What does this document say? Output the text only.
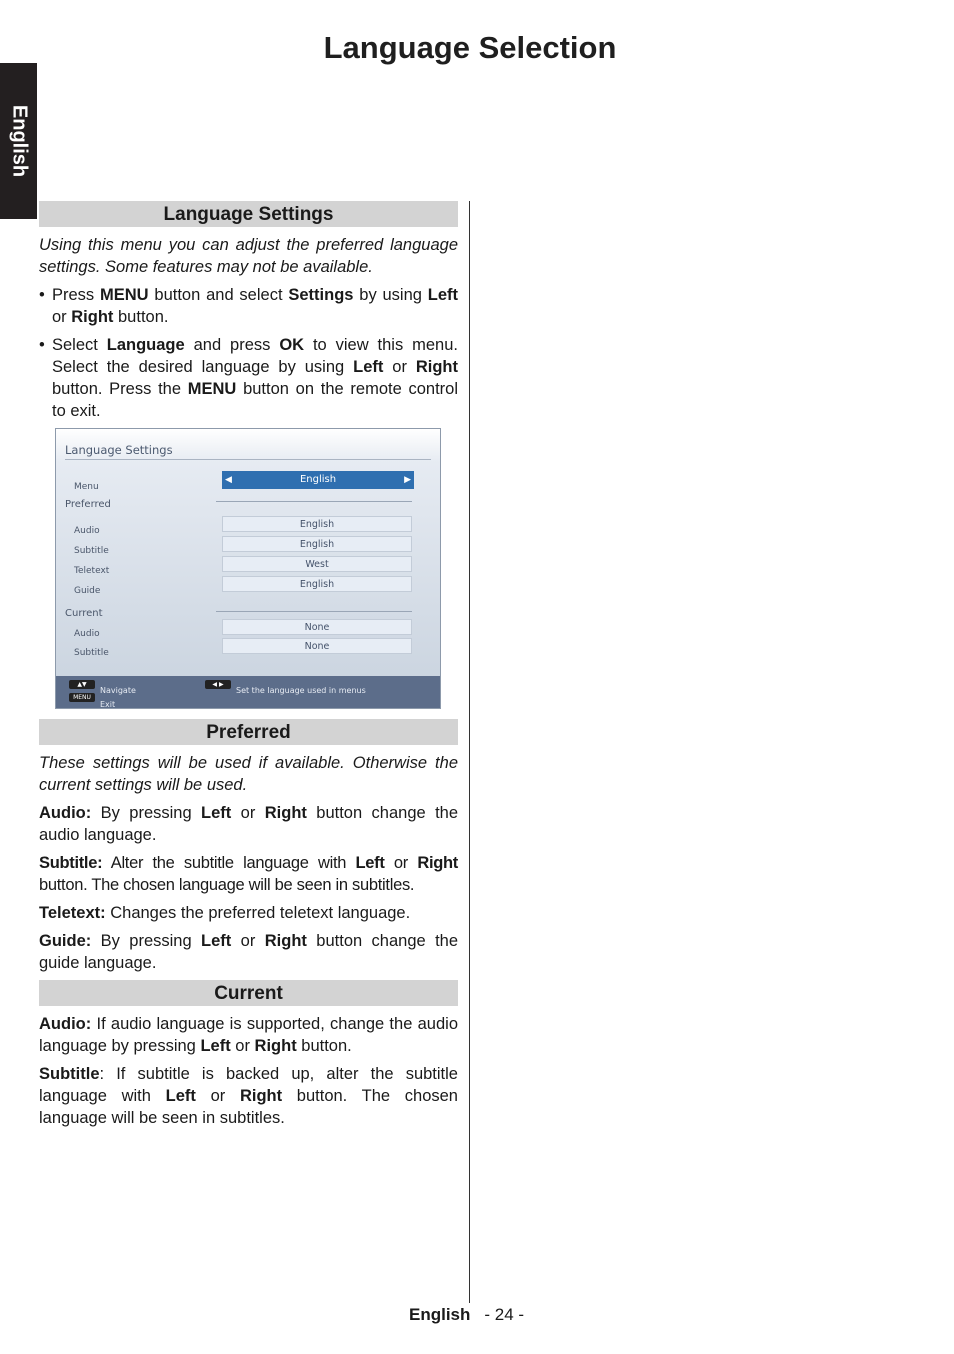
Language Selection
English
Language Settings

Using this menu you can adjust the preferred language settings. Some features may not be available.

• Press MENU button and select Settings by using Left or Right button.
• Select Language and press OK to view this menu. Select the desired language by using Left or Right button. Press the MENU button on the remote control to exit.
Language Settings
Menu
◀	English	▶
Preferred
Audio
English
Subtitle
English
Teletext
West
Guide
English
Current
Audio
None
Subtitle
None
▲▼
Navigate
MENU
Exit
◀ ▶
Set the language used in menus
Preferred

These settings will be used if available. Otherwise the current settings will be used.

Audio: By pressing Left or Right button change the audio language.

Subtitle: Alter the subtitle language with Left or Right button. The chosen language will be seen in subtitles.

Teletext: Changes the preferred teletext language.

Guide: By pressing Left or Right button change the guide language.

Current

Audio: If audio language is supported, change the audio language by pressing Left or Right button.

Subtitle: If subtitle is backed up, alter the subtitle language with Left or Right button. The chosen language will be seen in subtitles.

English - 24 -
